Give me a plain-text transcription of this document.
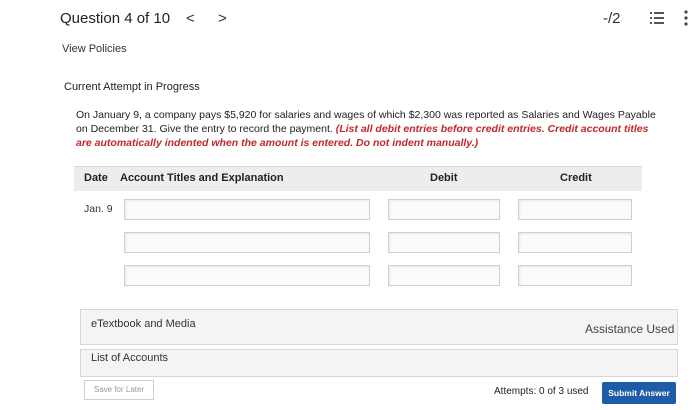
Question 4 of 10 < >	-/2
View Policies
Current Attempt in Progress
On January 9, a company pays $5,920 for salaries and wages of which $2,300 was reported as Salaries and Wages Payable on December 31. Give the entry to record the payment. (List all debit entries before credit entries. Credit account titles are automatically indented when the amount is entered. Do not indent manually.)
Date Account Titles and Explanation	Debit	Credit
Jan. 9
eTextbook and Media	Assistance Used
List of Accounts
Save for Later	Attempts: 0 of 3 used	Submit Answer
